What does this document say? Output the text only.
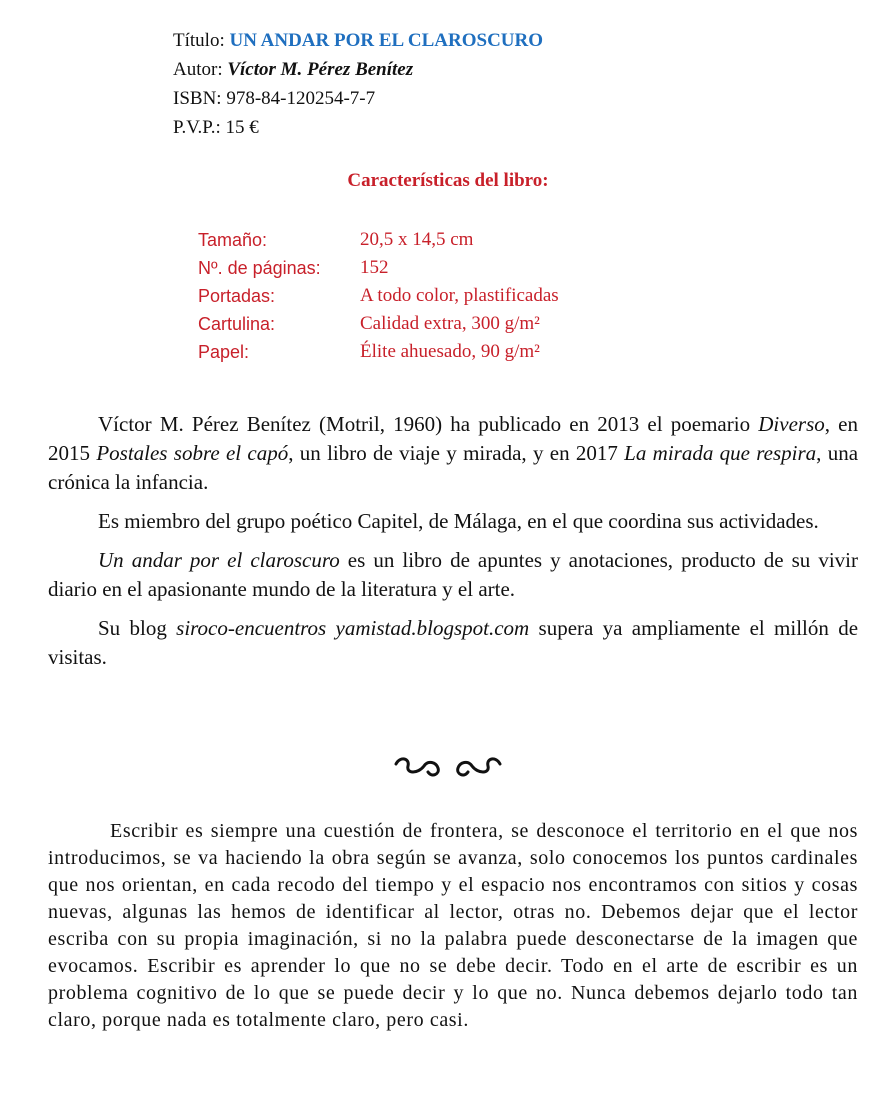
Título: UN ANDAR POR EL CLAROSCURO
Autor: Víctor M. Pérez Benítez
ISBN: 978-84-120254-7-7
P.V.P.: 15 €
Características del libro:
Tamaño:	20,5 x 14,5 cm
Nº. de páginas:	152
Portadas:	A todo color, plastificadas
Cartulina:	Calidad extra, 300 g/m²
Papel:	Élite ahuesado, 90 g/m²

Víctor M. Pérez Benítez (Motril, 1960) ha publicado en 2013 el poemario Diverso, en 2015 Postales sobre el capó, un libro de viaje y mirada, y en 2017 La mirada que respira, una crónica la infancia.

Es miembro del grupo poético Capitel, de Málaga, en el que coordina sus actividades.

Un andar por el claroscuro es un libro de apuntes y anotaciones, producto de su vivir diario en el apasionante mundo de la literatura y el arte.

Su blog siroco-encuentros yamistad.blogspot.com supera ya ampliamente el millón de visitas.

Escribir es siempre una cuestión de frontera, se desconoce el territorio en el que nos introducimos, se va haciendo la obra según se avanza, solo conocemos los puntos cardinales que nos orientan, en cada recodo del tiempo y el espacio nos encontramos con sitios y cosas nuevas, algunas las hemos de identificar al lector, otras no. Debemos dejar que el lector escriba con su propia imaginación, si no la palabra puede desconectarse de la imagen que evocamos. Escribir es aprender lo que no se debe decir. Todo en el arte de escribir es un problema cognitivo de lo que se puede decir y lo que no. Nunca debemos dejarlo todo tan claro, porque nada es totalmente claro, pero casi.
